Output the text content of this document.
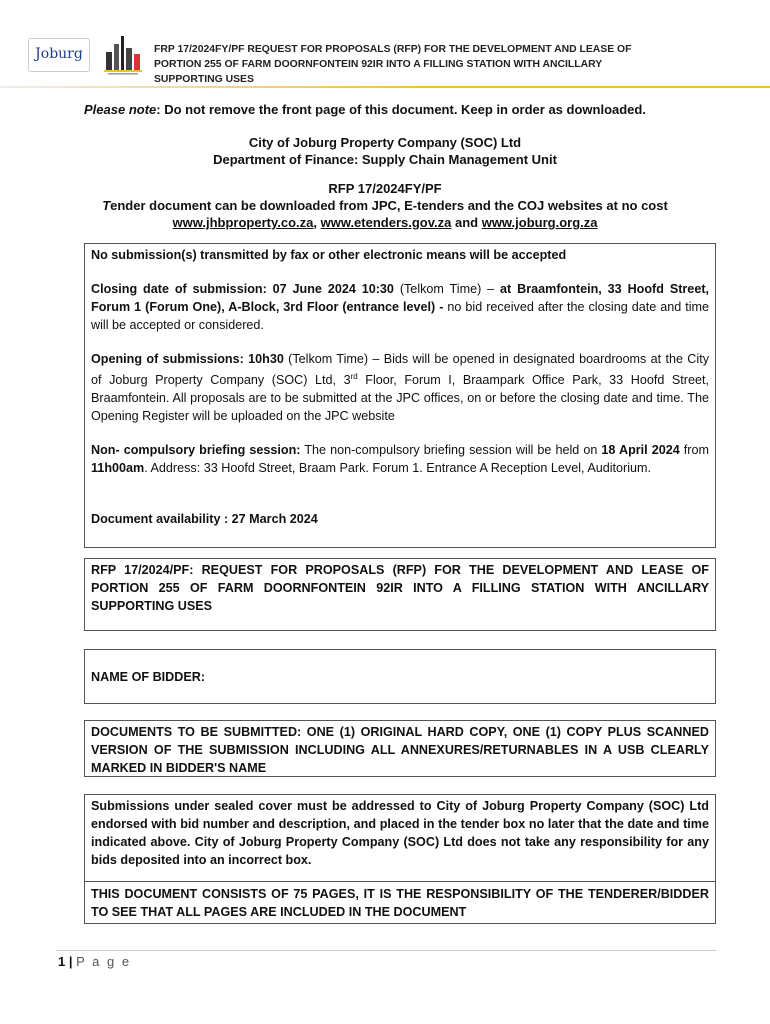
Joburg	FRP 17/2024FY/PF REQUEST FOR PROPOSALS (RFP) FOR THE DEVELOPMENT AND LEASE OF
PORTION 255 OF FARM DOORNFONTEIN 92IR INTO A FILLING STATION WITH ANCILLARY
SUPPORTING USES
Please note: Do not remove the front page of this document. Keep in order as downloaded.
City of Joburg Property Company (SOC) Ltd
Department of Finance: Supply Chain Management Unit
RFP 17/2024FY/PF
Tender document can be downloaded from JPC, E-tenders and the COJ websites at no cost
www.jhbproperty.co.za, www.etenders.gov.za and www.joburg.org.za

No submission(s) transmitted by fax or other electronic means will be accepted

Closing date of submission: 07 June 2024 10:30 (Telkom Time) – at Braamfontein, 33 Hoofd Street, Forum 1 (Forum One), A-Block, 3rd Floor (entrance level) - no bid received after the closing date and time will be accepted or considered.

Opening of submissions: 10h30 (Telkom Time) – Bids will be opened in designated boardrooms at the City of Joburg Property Company (SOC) Ltd, 3rd Floor, Forum I, Braampark Office Park, 33 Hoofd Street, Braamfontein. All proposals are to be submitted at the JPC offices, on or before the closing date and time. The Opening Register will be uploaded on the JPC website

Non- compulsory briefing session: The non-compulsory briefing session will be held on 18 April 2024 from 11h00am. Address: 33 Hoofd Street, Braam Park. Forum 1. Entrance A Reception Level, Auditorium.

Document availability : 27 March 2024

RFP 17/2024/PF: REQUEST FOR PROPOSALS (RFP) FOR THE DEVELOPMENT AND LEASE OF PORTION 255 OF FARM DOORNFONTEIN 92IR INTO A FILLING STATION WITH ANCILLARY SUPPORTING USES
NAME OF BIDDER:
DOCUMENTS TO BE SUBMITTED: ONE (1) ORIGINAL HARD COPY, ONE (1) COPY PLUS SCANNED VERSION OF THE SUBMISSION INCLUDING ALL ANNEXURES/RETURNABLES IN A USB CLEARLY MARKED IN BIDDER'S NAME
Submissions under sealed cover must be addressed to City of Joburg Property Company (SOC) Ltd endorsed with bid number and description, and placed in the tender box no later that the date and time indicated above. City of Joburg Property Company (SOC) Ltd does not take any responsibility for any bids deposited into an incorrect box.
THIS DOCUMENT CONSISTS OF 75 PAGES, IT IS THE RESPONSIBILITY OF THE TENDERER/BIDDER TO SEE THAT ALL PAGES ARE INCLUDED IN THE DOCUMENT
1 | P a g e
